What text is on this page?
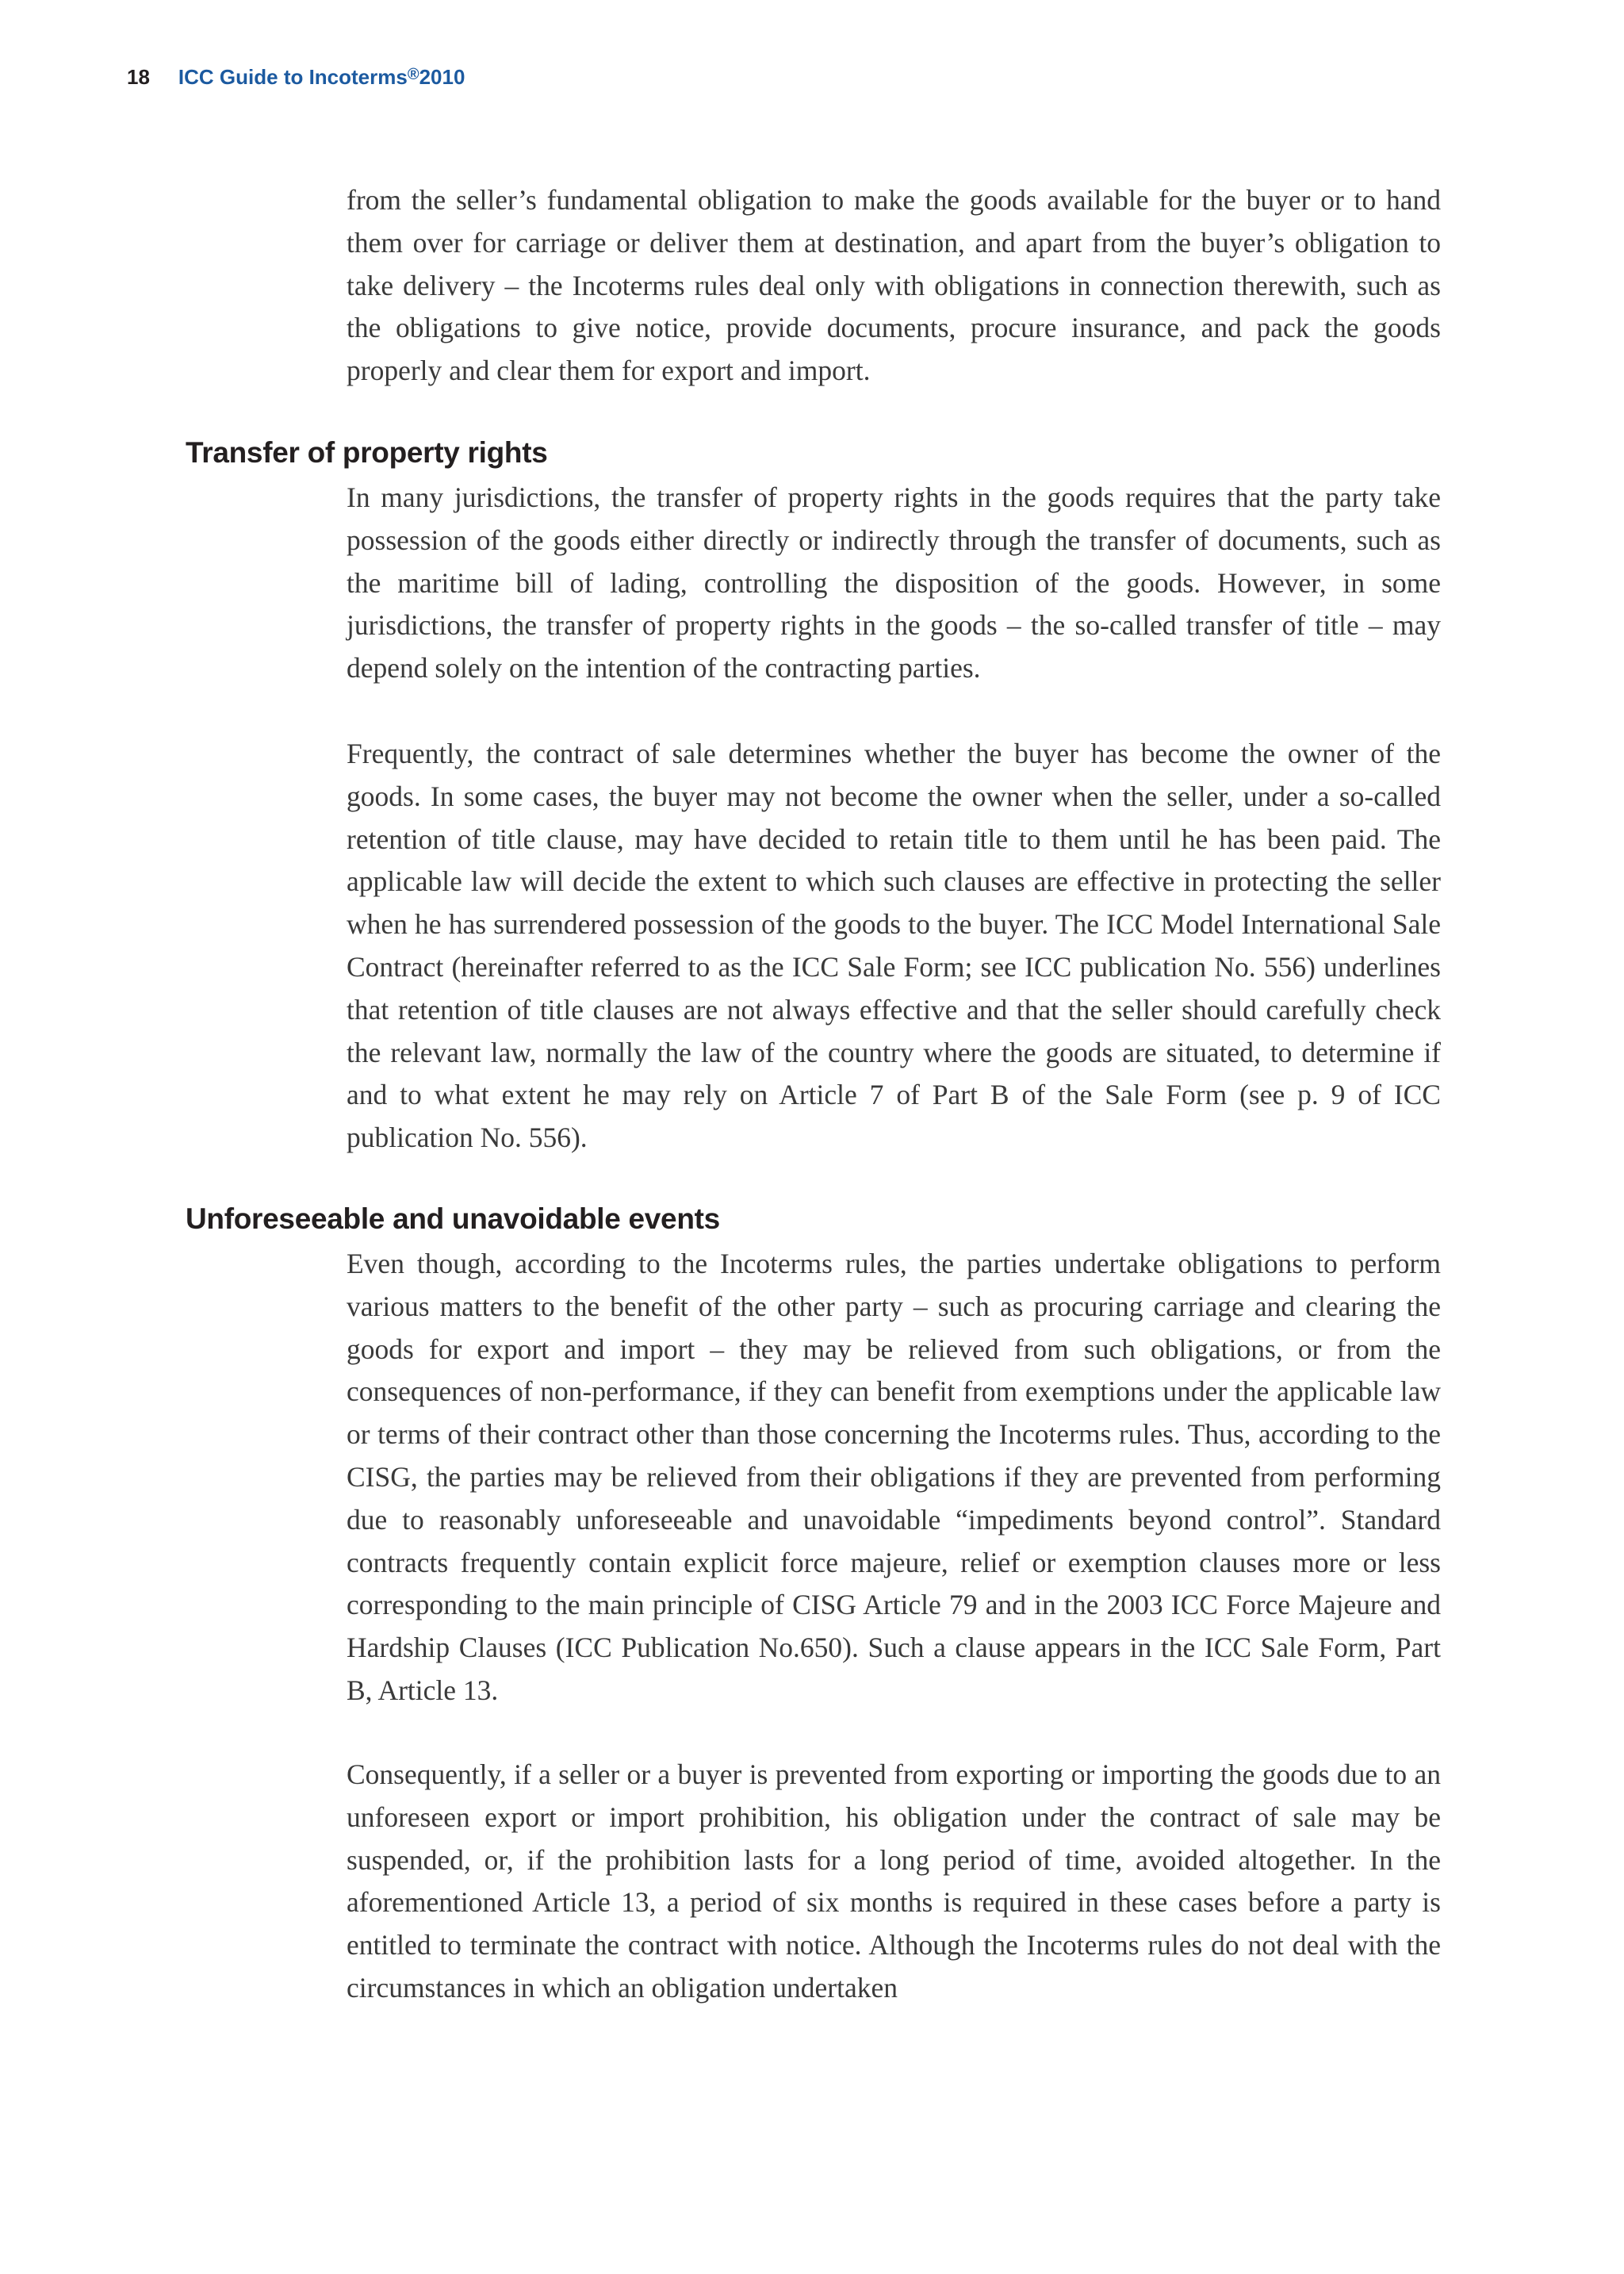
18 ICC Guide to Incoterms®2010

from the seller’s fundamental obligation to make the goods available for the buyer or to hand them over for carriage or deliver them at destination, and apart from the buyer’s obligation to take delivery – the Incoterms rules deal only with obligations in connection therewith, such as the obligations to give notice, provide documents, procure insurance, and pack the goods properly and clear them for export and import.

Transfer of property rights

In many jurisdictions, the transfer of property rights in the goods requires that the party take possession of the goods either directly or indirectly through the transfer of documents, such as the maritime bill of lading, controlling the disposition of the goods. However, in some jurisdictions, the transfer of property rights in the goods – the so-called transfer of title – may depend solely on the intention of the contracting parties.

Frequently, the contract of sale determines whether the buyer has become the owner of the goods. In some cases, the buyer may not become the owner when the seller, under a so-called retention of title clause, may have decided to retain title to them until he has been paid. The applicable law will decide the extent to which such clauses are effective in protecting the seller when he has surrendered possession of the goods to the buyer. The ICC Model International Sale Contract (hereinafter referred to as the ICC Sale Form; see ICC publication No. 556) underlines that retention of title clauses are not always effective and that the seller should carefully check the relevant law, normally the law of the country where the goods are situated, to determine if and to what extent he may rely on Article 7 of Part B of the Sale Form (see p. 9 of ICC publication No. 556).

Unforeseeable and unavoidable events

Even though, according to the Incoterms rules, the parties undertake obligations to perform various matters to the benefit of the other party – such as procuring carriage and clearing the goods for export and import – they may be relieved from such obligations, or from the consequences of non-performance, if they can benefit from exemptions under the applicable law or terms of their contract other than those concerning the Incoterms rules. Thus, according to the CISG, the parties may be relieved from their obligations if they are prevented from performing due to reasonably unforeseeable and unavoidable “impediments beyond control”. Standard contracts frequently contain explicit force majeure, relief or exemption clauses more or less corresponding to the main principle of CISG Article 79 and in the 2003 ICC Force Majeure and Hardship Clauses (ICC Publication No.650). Such a clause appears in the ICC Sale Form, Part B, Article 13.

Consequently, if a seller or a buyer is prevented from exporting or importing the goods due to an unforeseen export or import prohibition, his obligation under the contract of sale may be suspended, or, if the prohibition lasts for a long period of time, avoided altogether. In the aforementioned Article 13, a period of six months is required in these cases before a party is entitled to terminate the contract with notice. Although the Incoterms rules do not deal with the circumstances in which an obligation undertaken
